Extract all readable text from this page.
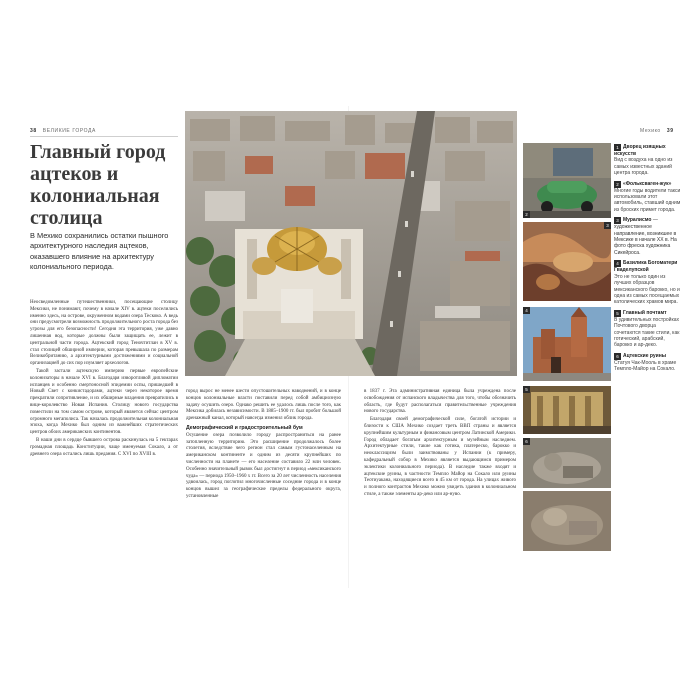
38 ВЕЛИКИЕ ГОРОДА
Главный город ацтеков и колониальная столица

В Мехико сохранились остатки пышного архитектурного наследия ацтеков, оказавшего влияние на архитектуру колониального периода.

Неосведомленные путешественники, посещающие столицу Мексики, не понимают, почему в начале XIV в. ацтеки поселились именно здесь, на острове, окруженном водами озера Тескоко. А ведь они предусмотрели возможность продолжительного роста города без угрозы для его безопасности! Сегодня эта территория, уже давно лишенная вод, которые должны были защищать ее, лежит в центральной части города. Ацтекский город Теночтитлан в XV в. стал столицей обширной империи, которая превышала по размерам Великобританию, а архитектурными достижениями и социальной организацией до сих пор изумляет археологов.

Такой застали ацтекскую империю первые европейские колонизаторы в начале XVI в. Благодаря изворотливой дипломатии испанцев и особенно смертоносной эпидемии оспы, пришедшей в Новый Свет с конкистадорами, ацтеки через некоторое время прекратили сопротивление, и их обширные владения превратились в вице-королевство Новая Испания. Столицу нового государства поместили на том самом острове, который является сейчас центром огромного мегаполиса. Так началась продолжительная колониальная эпоха, когда Мехико был одним из важнейших стратегических центров обоих американских континентов.

В наши дни в сердце бывшего острова раскинулась на 5 гектарах громадная площадь Конституции, чаще именуемая Сокало, а от древнего озера остались лишь предания. С XVI по XVIII в.

город вырос не менее шести опустошительных наводнений, и в конце концов колониальные власти поставили перед собой амбициозную задачу осушить озеро. Однако решить ее удалось лишь после того, как Мексика добилась независимости. В 1885–1900 гг. был пробит большой дренажный канал, который навсегда изменил облик города.

Демографический и градостроительный бум

Осушение озера позволило городу распространиться на ранее затопленную территорию. Это расширение продолжалось более столетия, вследствие чего регион стал самым густонаселенным на американском континенте и одним из десяти крупнейших по численности на планете — его население составило 22 млн человек. Особенно значительный рывок был достигнут в период «мексиканского чуда» — периода 1950–1960 х гг. Всего за 20 лет численность населения удвоилась, город поглотил многочисленные соседние города и в конце концов вышел за географические пределы федерального округа, установленные

Мехико 39

в 1837 г. Эта административная единица была учреждена после освобождения от испанского владычества для того, чтобы обозначить область, где будут располагаться правительственные учреждения нового государства.

Благодаря своей демографической силе, богатой истории и близости к США Мехико создает треть ВВП страны и является крупнейшим культурным и финансовым центром Латинской Америки. Город обладает богатым архитектурным и музейным наследием. Архитектурные стили, такие как готика, платереско, барокко и неоклассицизм были заимствованы у Испании (к примеру, кафедральный собор в Мехико является выдающимся примером эклектики колониального периода). В наследие также входят и ацтекские руины, в частности Темпло Майор на Сокало или руины Теотиуакана, находящиеся всего в 45 км от города. На улицах живого и полного контрастов Мехико можно увидеть здания в колониальном стиле, а также элементы ар-деко или ар-нуво.

2
3
4
5
6
1 Дворец изящных искусств
Вид с воздуха на одно из самых известных зданий центра города.
2 «Фольксваген-жук»
Многие годы водители такси использовали этот автомобиль, ставший одним из броских примет города.
3 Муралисмо — художественное направление, возникшее в Мексике в начале XX в. На фото фреска художника Сикейроса.
4 Базилика Богоматери Гваделупской
Это не только один из лучших образцов мексиканского барокко, но и одна из самых посещаемых католических храмов мира.
5 Главный почтамт
В удивительных постройках Почтового дворца сочетаются такие стили, как готический, арабский, барокко и ар-деко.
6 Ацтекские руины
Статуя Чак-Мооль в храме Темпло-Майор на Сокало.
